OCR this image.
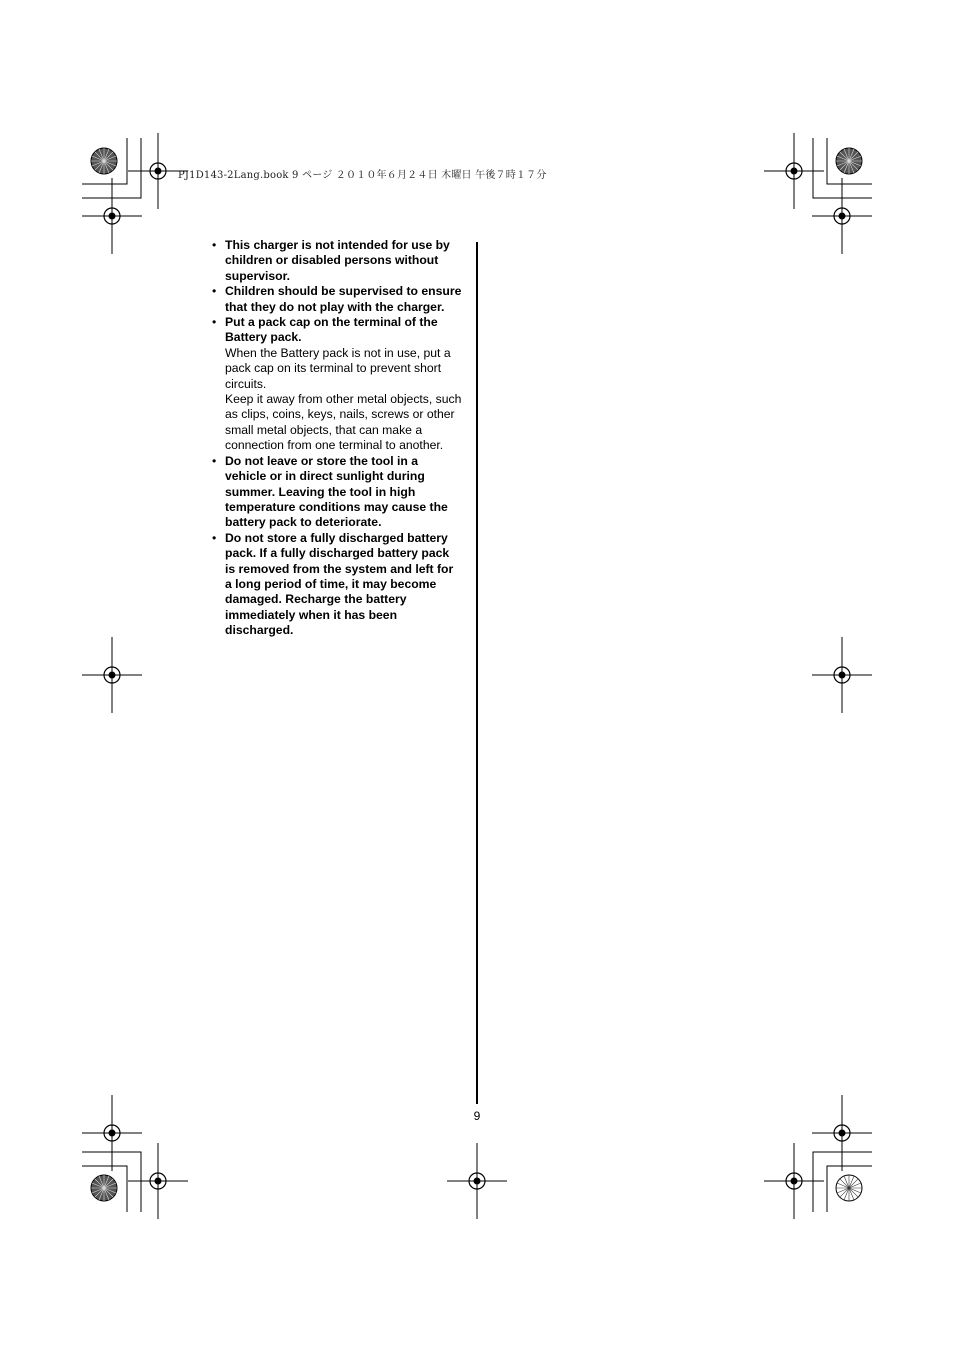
PJ1D143-2Lang.book 9 ページ ２０１０年６月２４日 木曜日 午後７時１７分
• This charger is not intended for use by children or disabled persons without supervisor.
• Children should be supervised to ensure that they do not play with the charger.
• Put a pack cap on the terminal of the Battery pack.
When the Battery pack is not in use, put a pack cap on its terminal to prevent short circuits.
Keep it away from other metal objects, such as clips, coins, keys, nails, screws or other small metal objects, that can make a connection from one terminal to another.
• Do not leave or store the tool in a vehicle or in direct sunlight during summer. Leaving the tool in high temperature conditions may cause the battery pack to deteriorate.
• Do not store a fully discharged battery pack. If a fully discharged battery pack is removed from the system and left for a long period of time, it may become damaged. Recharge the battery immediately when it has been discharged.
9
